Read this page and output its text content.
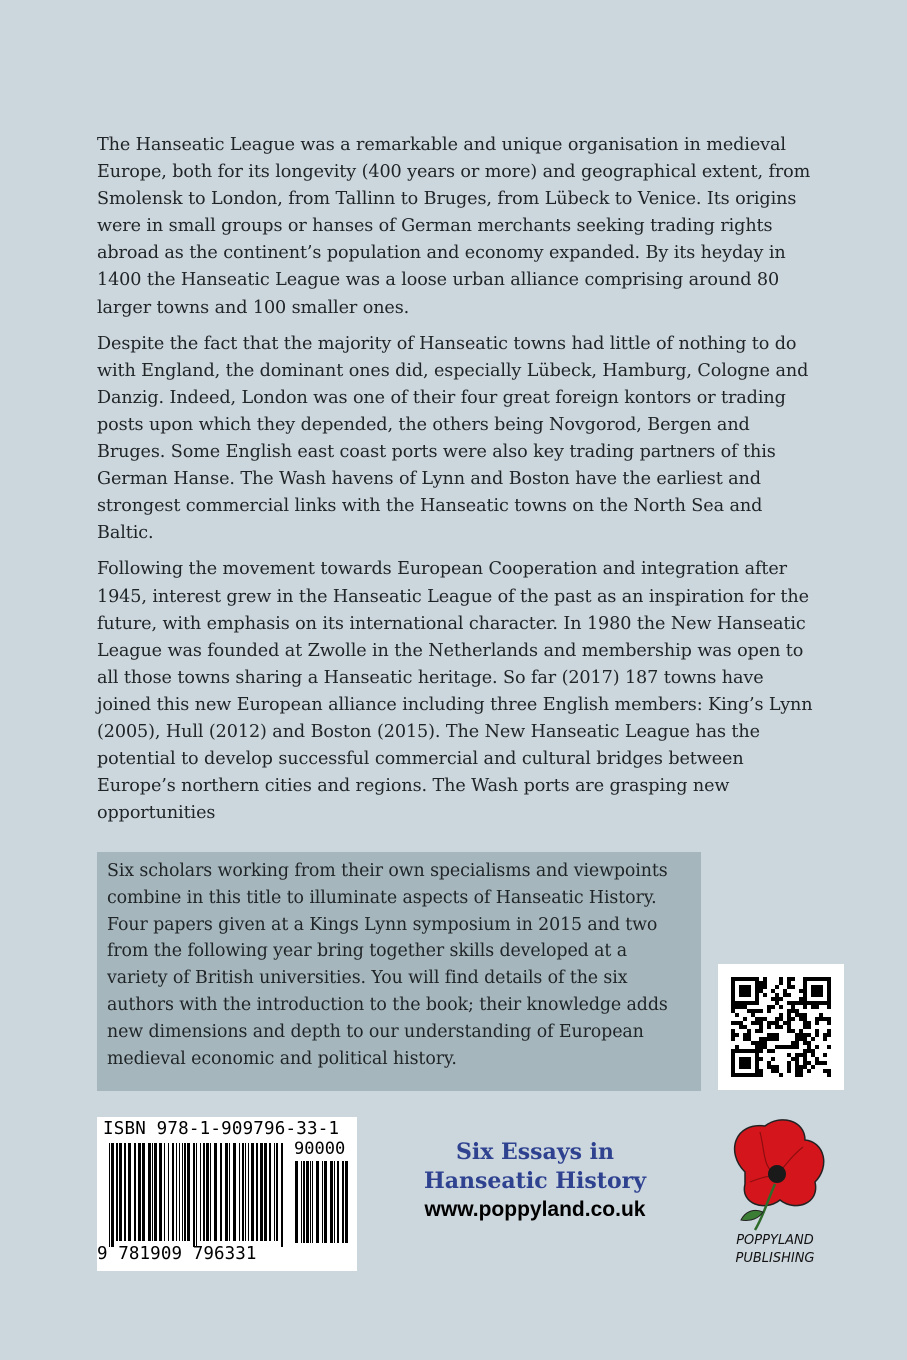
The Hanseatic League was a remarkable and unique organisation in medieval Europe, both for its longevity (400 years or more) and geographical extent, from Smolensk to London, from Tallinn to Bruges, from Lübeck to Venice. Its origins were in small groups or hanses of German merchants seeking trading rights abroad as the continent’s population and economy expanded. By its heyday in 1400 the Hanseatic League was a loose urban alliance comprising around 80 larger towns and 100 smaller ones.

Despite the fact that the majority of Hanseatic towns had little of nothing to do with England, the dominant ones did, especially Lübeck, Hamburg, Cologne and Danzig. Indeed, London was one of their four great foreign kontors or trading posts upon which they depended, the others being Novgorod, Bergen and Bruges. Some English east coast ports were also key trading partners of this German Hanse. The Wash havens of Lynn and Boston have the earliest and strongest commercial links with the Hanseatic towns on the North Sea and Baltic.

Following the movement towards European Cooperation and integration after 1945, interest grew in the Hanseatic League of the past as an inspiration for the future, with emphasis on its international character. In 1980 the New Hanseatic League was founded at Zwolle in the Netherlands and membership was open to all those towns sharing a Hanseatic heritage. So far (2017) 187 towns have joined this new European alliance including three English members: King’s Lynn (2005), Hull (2012) and Boston (2015). The New Hanseatic League has the potential to develop successful commercial and cultural bridges between Europe’s northern cities and regions. The Wash ports are grasping new opportunities

Six scholars working from their own specialisms and viewpoints combine in this title to illuminate aspects of Hanseatic History. Four papers given at a Kings Lynn symposium in 2015 and two from the following year bring together skills developed at a variety of British universities. You will find details of the six authors with the introduction to the book; their knowledge adds new dimensions and depth to our understanding of European medieval economic and political history.

ISBN 978-1-909796-33-1
90000
9 781909 796331
Six Essays in
Hanseatic History
www.poppyland.co.uk
POPPYLAND
PUBLISHING
